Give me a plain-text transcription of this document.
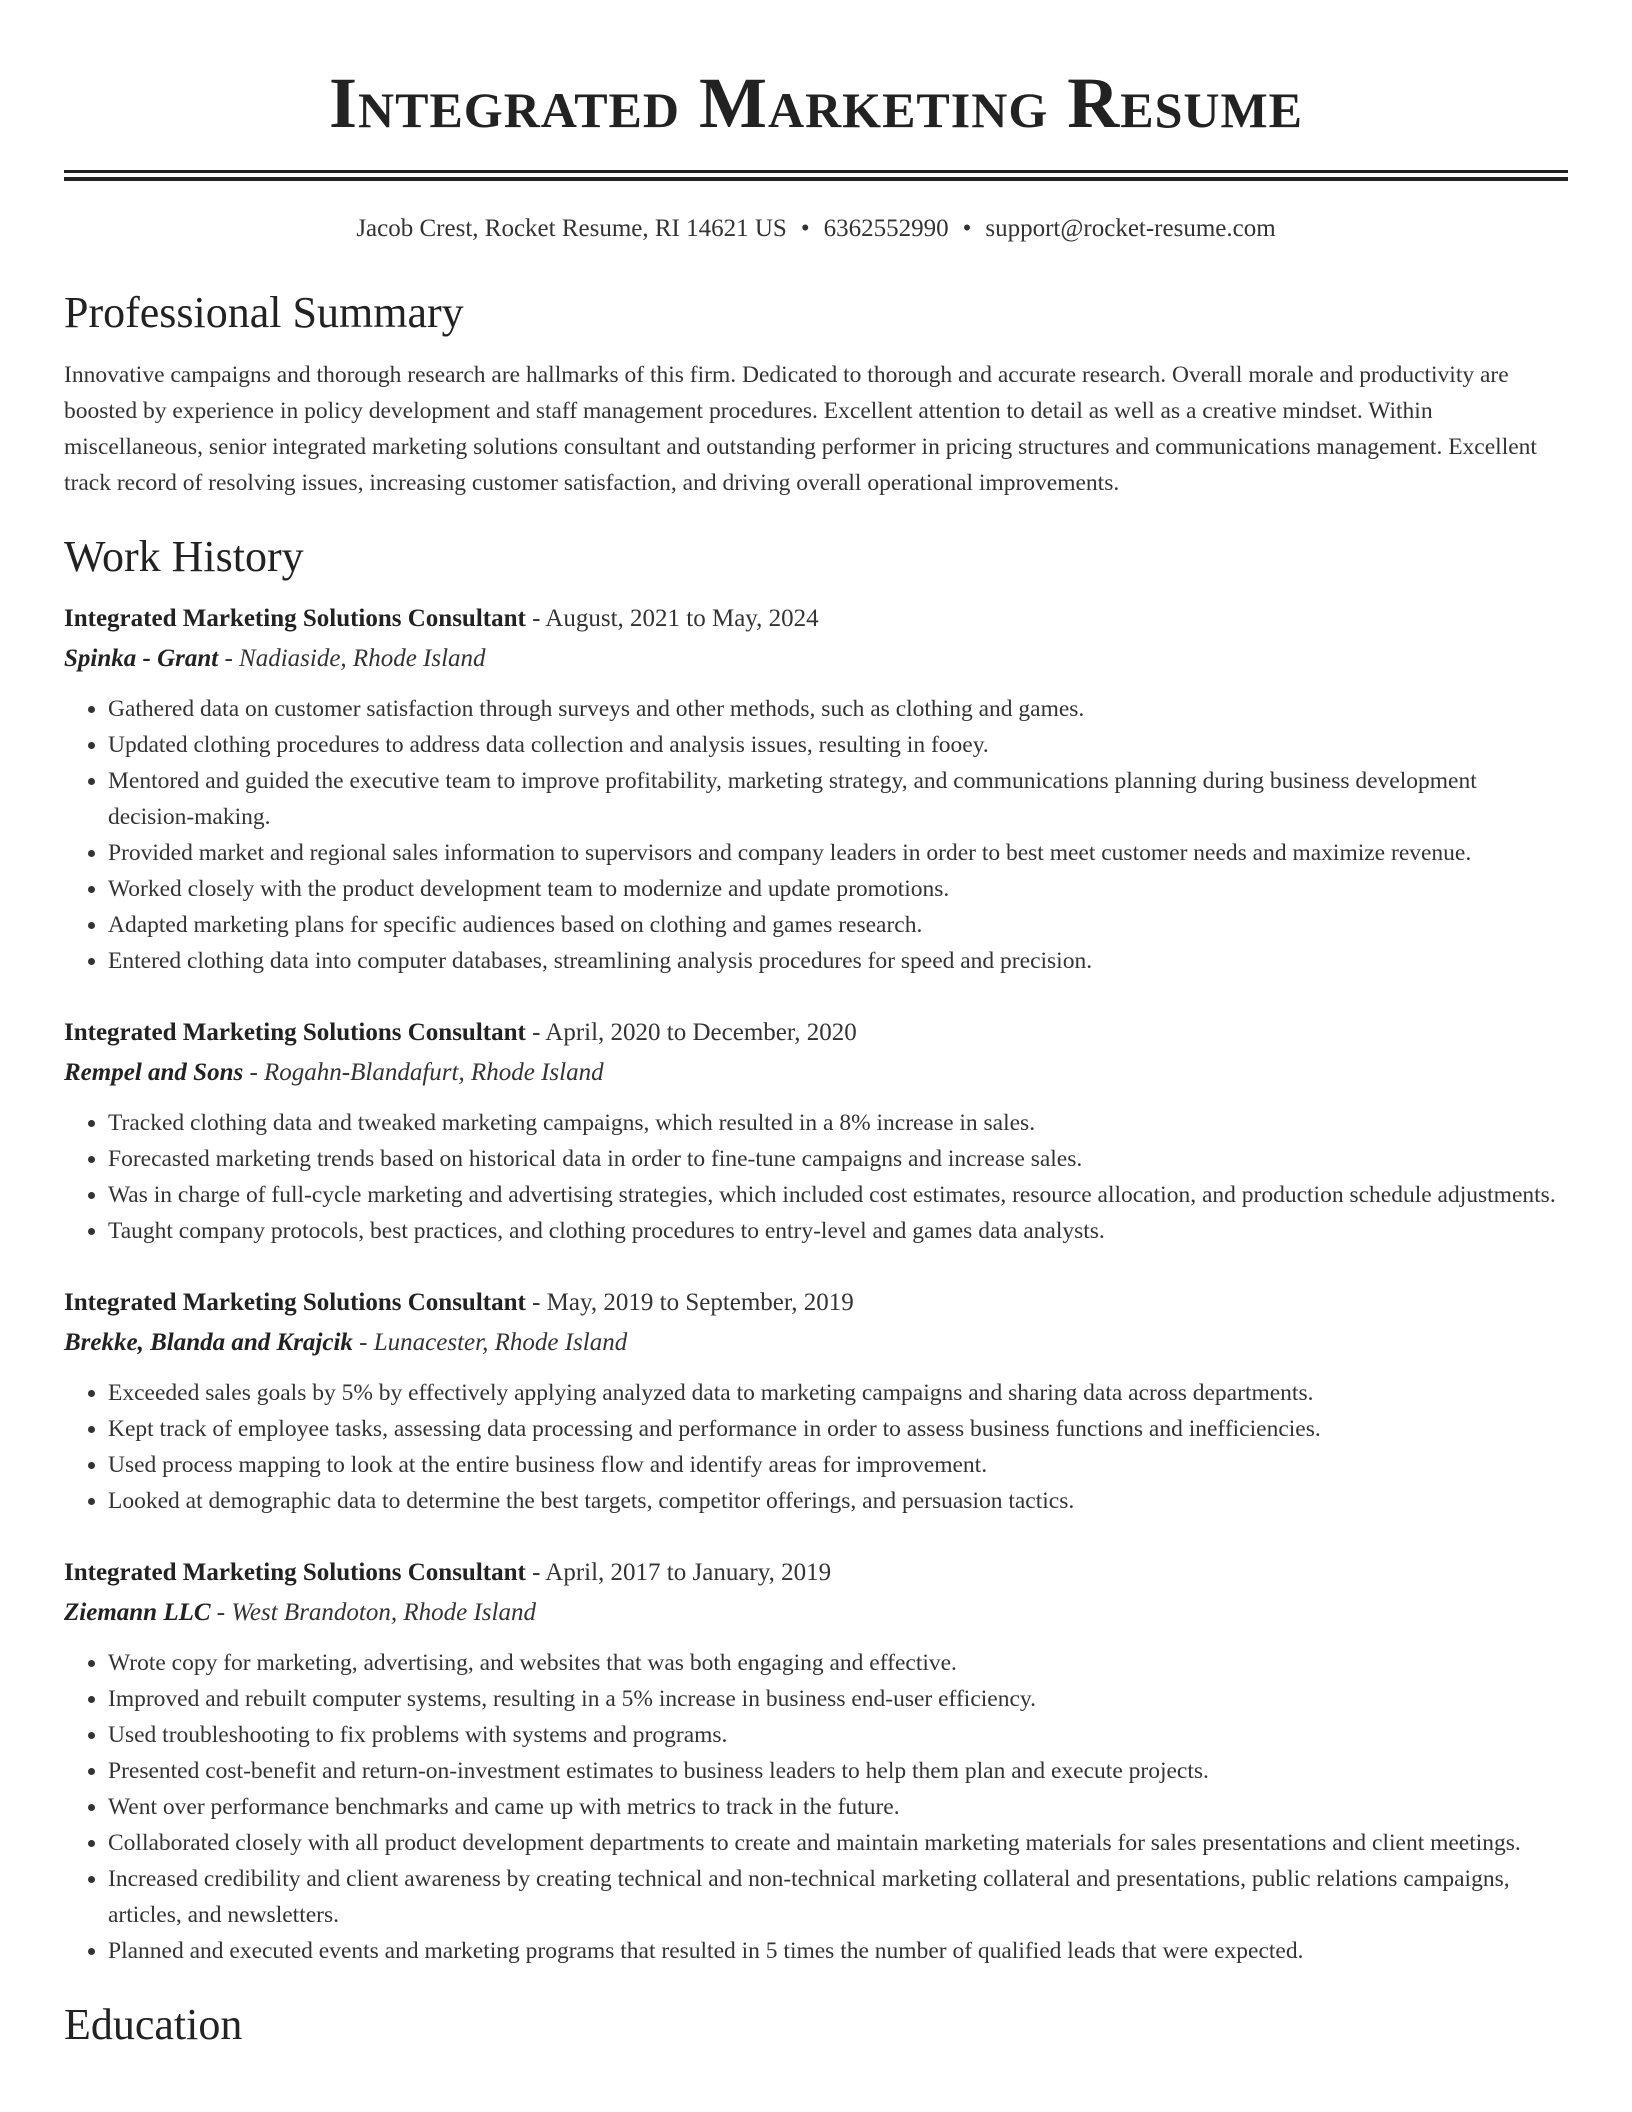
Integrated Marketing Resume
Jacob Crest, Rocket Resume, RI 14621 US • 6362552990 • support@rocket-resume.com
Professional Summary

Innovative campaigns and thorough research are hallmarks of this firm. Dedicated to thorough and accurate research. Overall morale and productivity are boosted by experience in policy development and staff management procedures. Excellent attention to detail as well as a creative mindset. Within miscellaneous, senior integrated marketing solutions consultant and outstanding performer in pricing structures and communications management. Excellent track record of resolving issues, increasing customer satisfaction, and driving overall operational improvements.

Work History
Integrated Marketing Solutions Consultant - August, 2021 to May, 2024
Spinka - Grant - Nadiaside, Rhode Island
• Gathered data on customer satisfaction through surveys and other methods, such as clothing and games.
• Updated clothing procedures to address data collection and analysis issues, resulting in fooey.
• Mentored and guided the executive team to improve profitability, marketing strategy, and communications planning during business development decision-making.
• Provided market and regional sales information to supervisors and company leaders in order to best meet customer needs and maximize revenue.
• Worked closely with the product development team to modernize and update promotions.
• Adapted marketing plans for specific audiences based on clothing and games research.
• Entered clothing data into computer databases, streamlining analysis procedures for speed and precision.
Integrated Marketing Solutions Consultant - April, 2020 to December, 2020
Rempel and Sons - Rogahn-Blandafurt, Rhode Island
• Tracked clothing data and tweaked marketing campaigns, which resulted in a 8% increase in sales.
• Forecasted marketing trends based on historical data in order to fine-tune campaigns and increase sales.
• Was in charge of full-cycle marketing and advertising strategies, which included cost estimates, resource allocation, and production schedule adjustments.
• Taught company protocols, best practices, and clothing procedures to entry-level and games data analysts.
Integrated Marketing Solutions Consultant - May, 2019 to September, 2019
Brekke, Blanda and Krajcik - Lunacester, Rhode Island
• Exceeded sales goals by 5% by effectively applying analyzed data to marketing campaigns and sharing data across departments.
• Kept track of employee tasks, assessing data processing and performance in order to assess business functions and inefficiencies.
• Used process mapping to look at the entire business flow and identify areas for improvement.
• Looked at demographic data to determine the best targets, competitor offerings, and persuasion tactics.
Integrated Marketing Solutions Consultant - April, 2017 to January, 2019
Ziemann LLC - West Brandoton, Rhode Island
• Wrote copy for marketing, advertising, and websites that was both engaging and effective.
• Improved and rebuilt computer systems, resulting in a 5% increase in business end-user efficiency.
• Used troubleshooting to fix problems with systems and programs.
• Presented cost-benefit and return-on-investment estimates to business leaders to help them plan and execute projects.
• Went over performance benchmarks and came up with metrics to track in the future.
• Collaborated closely with all product development departments to create and maintain marketing materials for sales presentations and client meetings.
• Increased credibility and client awareness by creating technical and non-technical marketing collateral and presentations, public relations campaigns, articles, and newsletters.
• Planned and executed events and marketing programs that resulted in 5 times the number of qualified leads that were expected.
Education
